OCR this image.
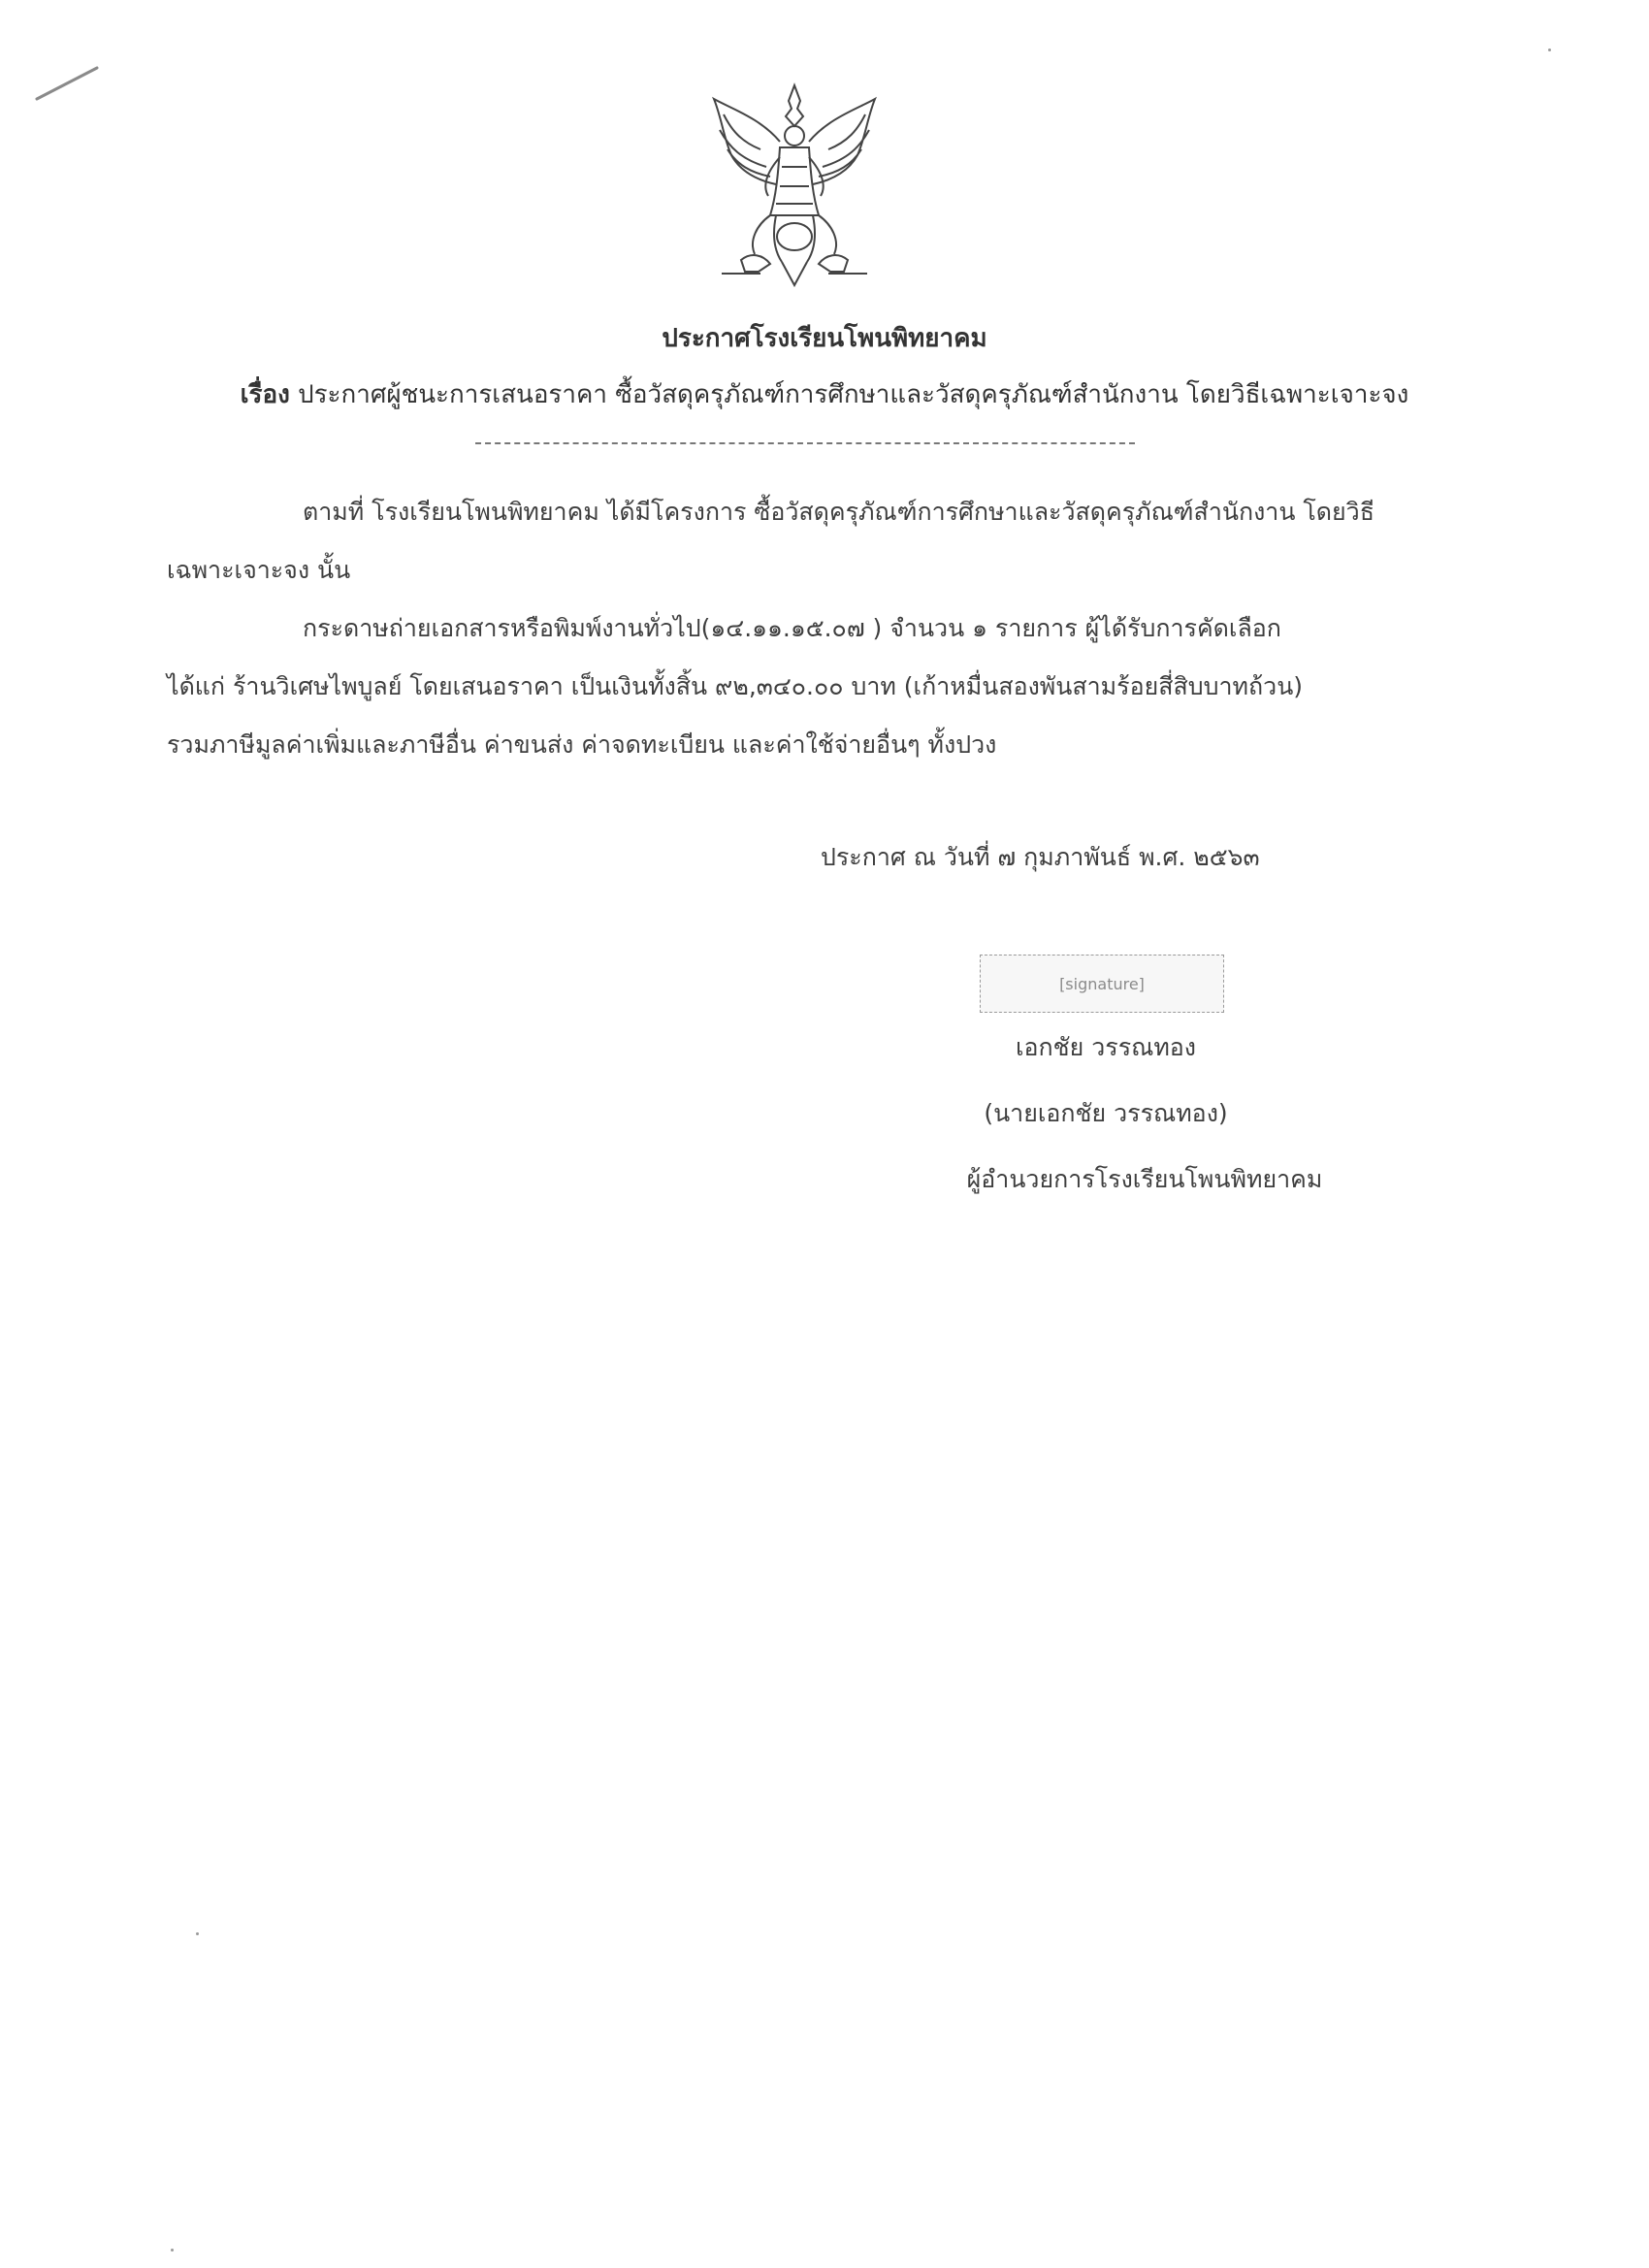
ประกาศโรงเรียนโพนพิทยาคม
เรื่อง ประกาศผู้ชนะการเสนอราคา ซื้อวัสดุครุภัณฑ์การศึกษาและวัสดุครุภัณฑ์สำนักงาน โดยวิธีเฉพาะเจาะจง
ตามที่ โรงเรียนโพนพิทยาคม ได้มีโครงการ ซื้อวัสดุครุภัณฑ์การศึกษาและวัสดุครุภัณฑ์สำนักงาน โดยวิธี
เฉพาะเจาะจง นั้น
กระดาษถ่ายเอกสารหรือพิมพ์งานทั่วไป(๑๔.๑๑.๑๕.๐๗ ) จำนวน ๑ รายการ ผู้ได้รับการคัดเลือก
ได้แก่ ร้านวิเศษไพบูลย์ โดยเสนอราคา เป็นเงินทั้งสิ้น ๙๒,๓๔๐.๐๐ บาท (เก้าหมื่นสองพันสามร้อยสี่สิบบาทถ้วน)
รวมภาษีมูลค่าเพิ่มและภาษีอื่น ค่าขนส่ง ค่าจดทะเบียน และค่าใช้จ่ายอื่นๆ ทั้งปวง
ประกาศ ณ วันที่ ๗ กุมภาพันธ์ พ.ศ. ๒๕๖๓
[signature]
เอกชัย วรรณทอง
(นายเอกชัย วรรณทอง)
ผู้อำนวยการโรงเรียนโพนพิทยาคม
